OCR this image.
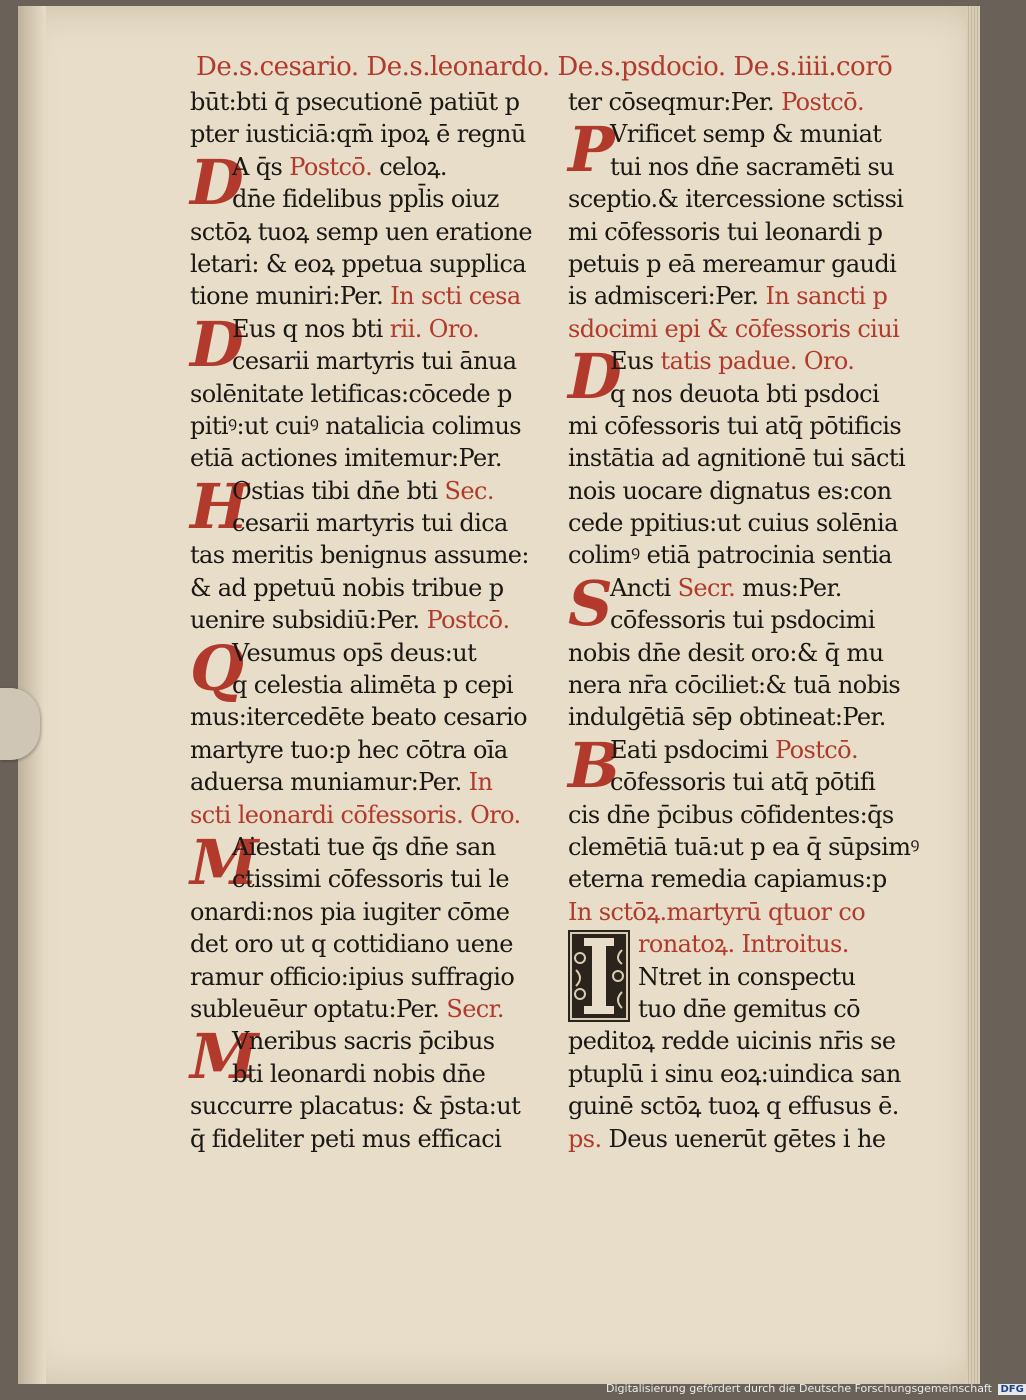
De.s.cesario. De.s.leonardo. De.s.psdocio. De.s.iiii.corō
būt:bti q̄ psecutionē patiūt p
pter iusticiā:qm̄ ipoꝝ ē regnū
D
A q̄s Postcō. celoꝝ.
dn̄e fidelibus ppl̄is oiuz
sctōꝝ tuoꝝ semp uen eratione
letari: & eoꝝ ppetua supplica
tione muniri:Per. In scti cesa
D
Eus q nos bti rii. Oro.
cesarii martyris tui ānua
solēnitate letificas:cōcede p
pitiꝰ:ut cuiꝰ natalicia colimus
etiā actiones imitemur:Per.
H
Ostias tibi dn̄e bti Sec.
cesarii martyris tui dica
tas meritis benignus assume:
& ad ppetuū nobis tribue p
uenire subsidiū:Per. Postcō.
Q
Vesumus ops̄ deus:ut
q celestia alimēta p cepi
mus:itercedēte beato cesario
martyre tuo:p hec cōtra oīa
aduersa muniamur:Per. In
scti leonardi cōfessoris. Oro.
M
Aiestati tue q̄s dn̄e san
ctissimi cōfessoris tui le
onardi:nos pia iugiter cōme
det oro ut q cottidiano uene
ramur officio:ipius suffragio
subleuēur optatu:Per. Secr.
M
Vneribus sacris p̄cibus
bti leonardi nobis dn̄e
succurre placatus: & p̄sta:ut
q̄ fideliter peti mus efficaci
ter cōseqmur:Per. Postcō.
P
Vrificet semp & muniat
tui nos dn̄e sacramēti su
sceptio.& itercessione sctissi
mi cōfessoris tui leonardi p
petuis p eā mereamur gaudi
is admisceri:Per. In sancti p
sdocimi epi & cōfessoris ciui
D
Eus tatis padue. Oro.
q nos deuota bti psdoci
mi cōfessoris tui atq̄ pōtificis
instātia ad agnitionē tui sācti
nois uocare dignatus es:con
cede ppitius:ut cuius solēnia
colimꝰ etiā patrocinia sentia
S
Ancti Secr. mus:Per.
cōfessoris tui psdocimi
nobis dn̄e desit oro:& q̄ mu
nera nr̄a cōciliet:& tuā nobis
indulgētiā sēp obtineat:Per.
B
Eati psdocimi Postcō.
cōfessoris tui atq̄ pōtifi
cis dn̄e p̄cibus cōfidentes:q̄s
clemētiā tuā:ut p ea q̄ sūpsimꝰ
eterna remedia capiamus:p
In sctōꝝ.martyrū qtuor co
ronatoꝝ. Introitus.
Ntret in conspectu
tuo dn̄e gemitus cō
peditoꝝ redde uicinis nr̄is se
ptuplū i sinu eoꝝ:uindica san
guinē sctōꝝ tuoꝝ q effusus ē.
ps. Deus uenerūt gētes i he
Digitalisierung gefördert durch die Deutsche Forschungsgemeinschaft DFG
